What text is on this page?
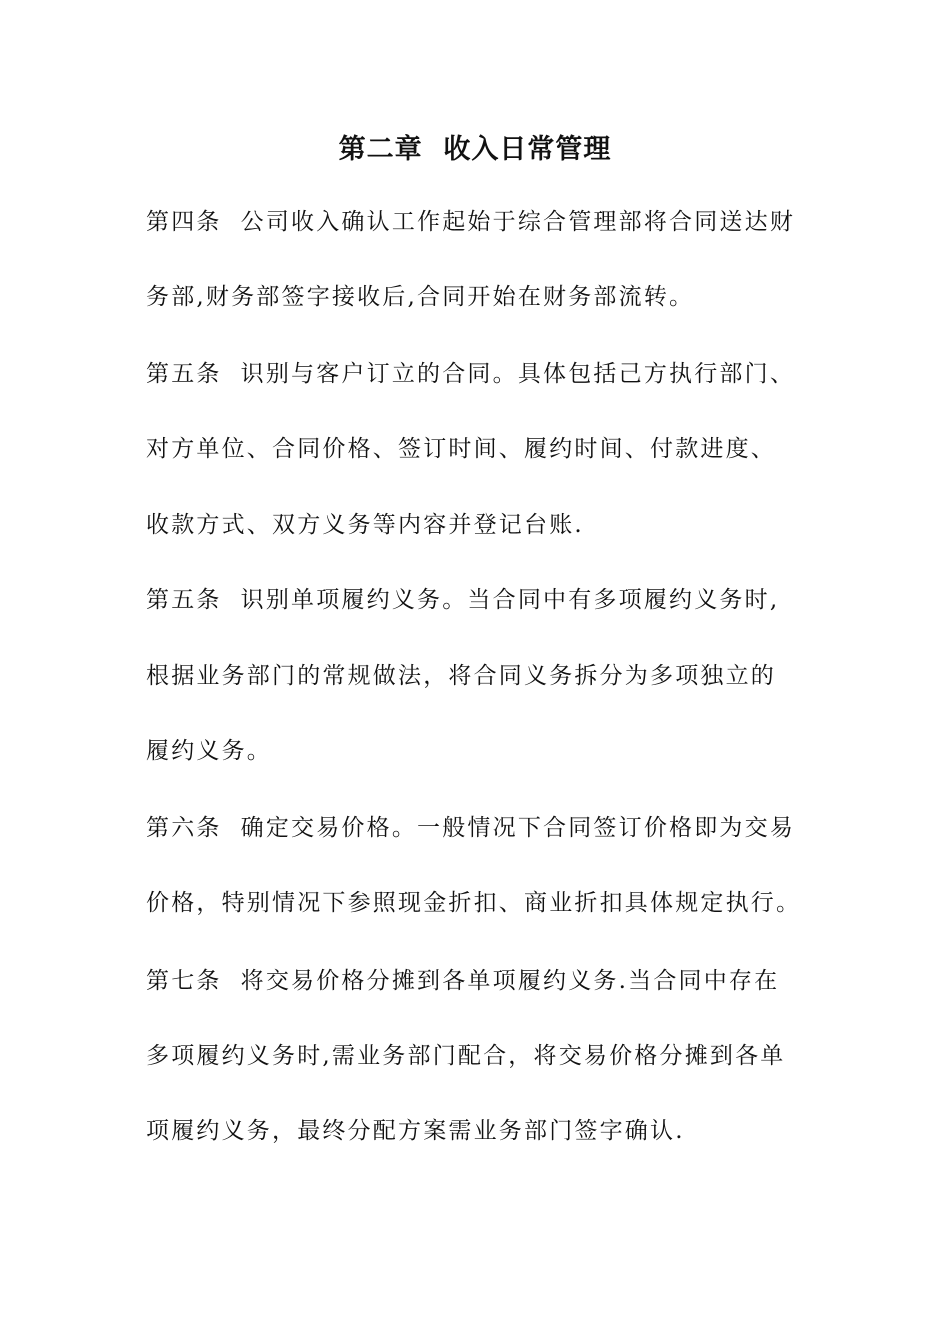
第二章  收入日常管理
第四条  公司收入确认工作起始于综合管理部将合同送达财
务部,财务部签字接收后,合同开始在财务部流转。
第五条  识别与客户订立的合同。具体包括己方执行部门、
对方单位、合同价格、签订时间、履约时间、付款进度、
收款方式、双方义务等内容并登记台账.
第五条  识别单项履约义务。当合同中有多项履约义务时,
根据业务部门的常规做法，将合同义务拆分为多项独立的
履约义务。
第六条  确定交易价格。一般情况下合同签订价格即为交易
价格，特别情况下参照现金折扣、商业折扣具体规定执行。
第七条  将交易价格分摊到各单项履约义务.当合同中存在
多项履约义务时,需业务部门配合，将交易价格分摊到各单
项履约义务，最终分配方案需业务部门签字确认.
